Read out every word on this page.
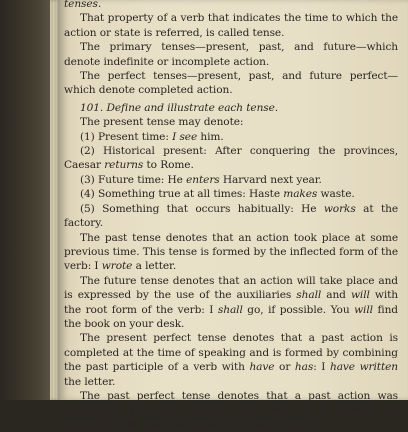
tenses.

That property of a verb that indicates the time to which the action or state is referred, is called tense.

The primary tenses—present, past, and future—which denote indefinite or incomplete action.

The perfect tenses—present, past, and future perfect—which denote completed action.

101. Define and illustrate each tense.

The present tense may denote:

(1) Present time: I see him.

(2) Historical present: After conquering the provinces, Caesar returns to Rome.

(3) Future time: He enters Harvard next year.

(4) Something true at all times: Haste makes waste.

(5) Something that occurs habitually: He works at the factory.

The past tense denotes that an action took place at some previous time. This tense is formed by the inflected form of the verb: I wrote a letter.

The future tense denotes that an action will take place and is expressed by the use of the auxiliaries shall and will with the root form of the verb: I shall go, if possible. You will find the book on your desk.

The present perfect tense denotes that a past action is completed at the time of speaking and is formed by combining the past participle of a verb with have or has: I have written the letter.

The past perfect tense denotes that a past action was completed at some definite past time. It is formed by combining the past participle of the verb with the
